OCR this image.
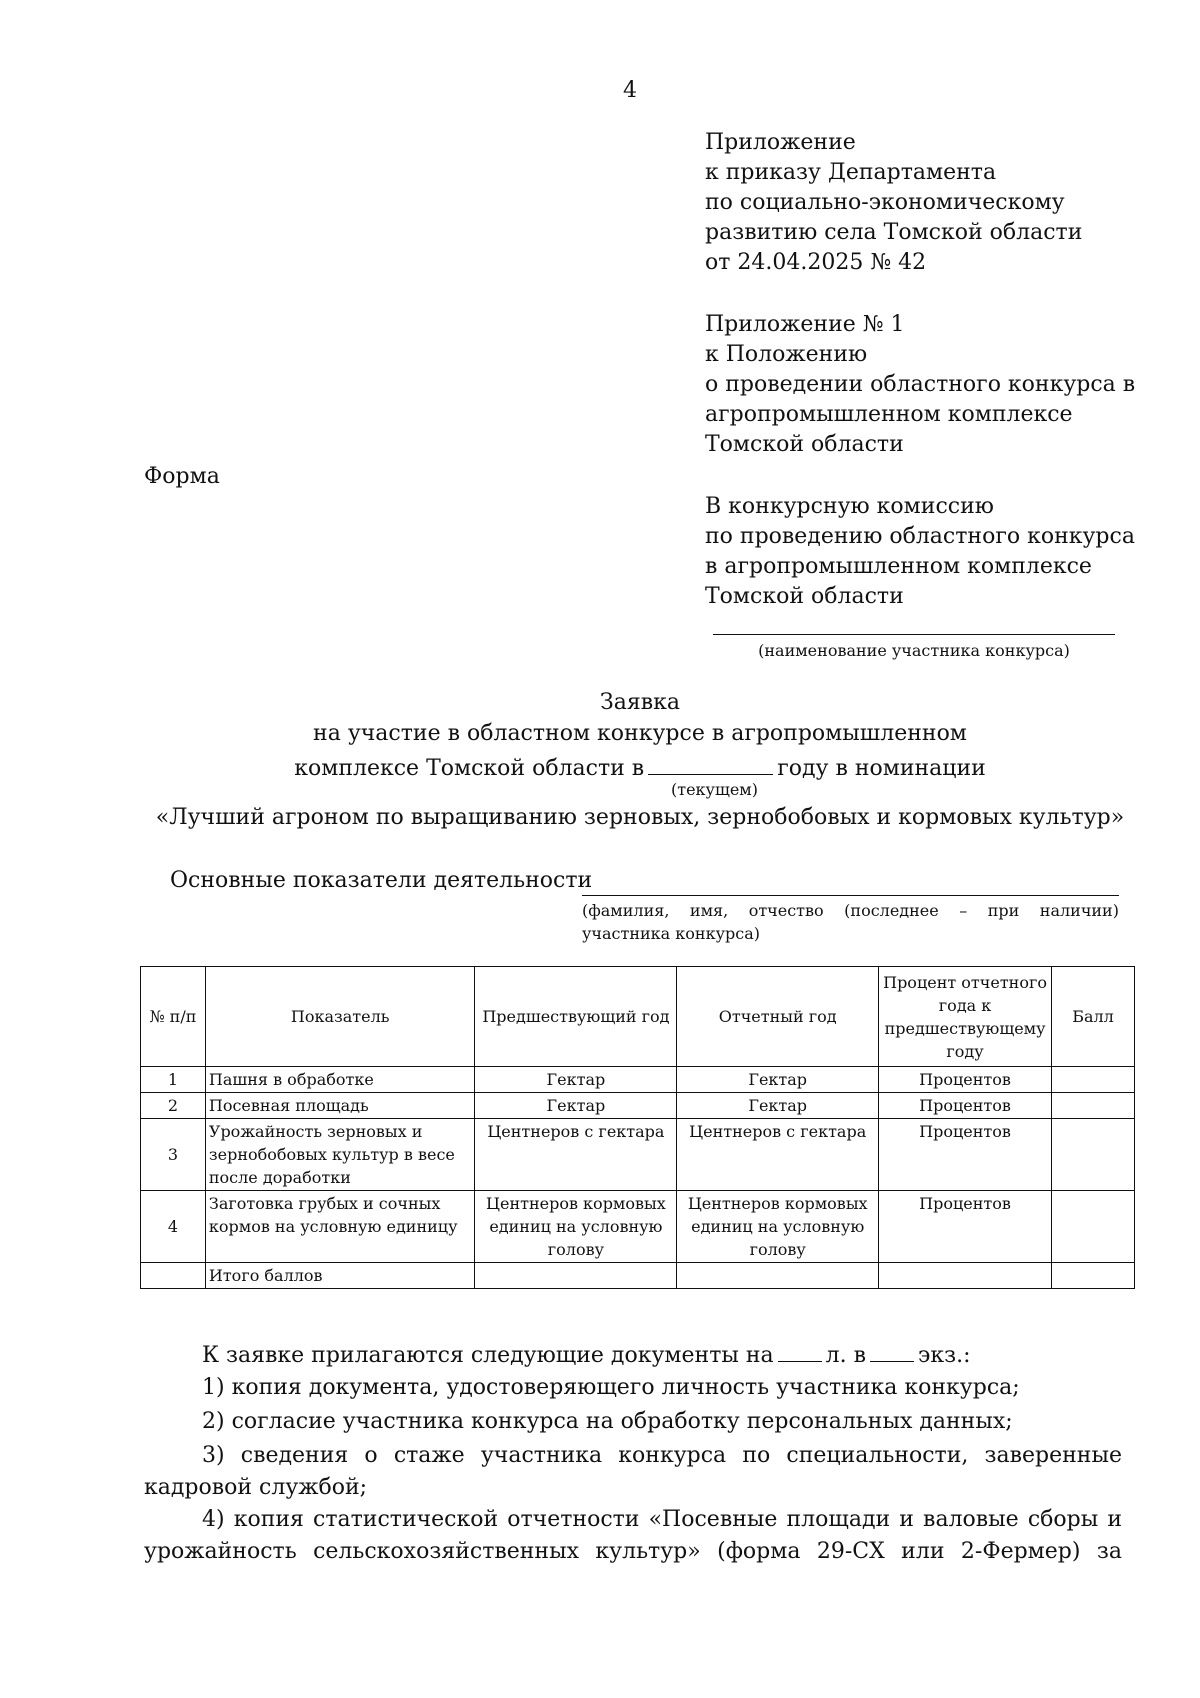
4
Приложение
к приказу Департамента
по социально-экономическому
развитию села Томской области
от 24.04.2025 № 42
Приложение № 1
к Положению
о проведении областного конкурса в
агропромышленном комплексе
Томской области
Форма
В конкурсную комиссию
по проведению областного конкурса
в агропромышленном комплексе
Томской области
(наименование участника конкурса)
Заявка
на участие в областном конкурсе в агропромышленном
комплексе Томской области в	году в номинации
(текущем)
«Лучший агроном по выращиванию зерновых, зернобобовых и кормовых культур»
Основные показатели деятельности
(фамилия, имя, отчество (последнее – при наличии)
участника конкурса)
№ п/п	Показатель	Предшествующий год	Отчетный год	Процент отчетного года к предшествующему году	Балл
1	Пашня в обработке	Гектар	Гектар	Процентов	
2	Посевная площадь	Гектар	Гектар	Процентов	
3	Урожайность зерновых и зернобобовых культур в весе после доработки	Центнеров с гектара	Центнеров с гектара	Процентов	
4	Заготовка грубых и сочных кормов на условную единицу	Центнеров кормовых единиц на условную голову	Центнеров кормовых единиц на условную голову	Процентов	
	Итого баллов				
К заявке прилагаются следующие документы на л. в экз.:
1) копия документа, удостоверяющего личность участника конкурса;
2) согласие участника конкурса на обработку персональных данных;
3) сведения о стаже участника конкурса по специальности, заверенные кадровой службой;
4) копия статистической отчетности «Посевные площади и валовые сборы и урожайность сельскохозяйственных культур» (форма 29-СХ или 2-Фермер) за
